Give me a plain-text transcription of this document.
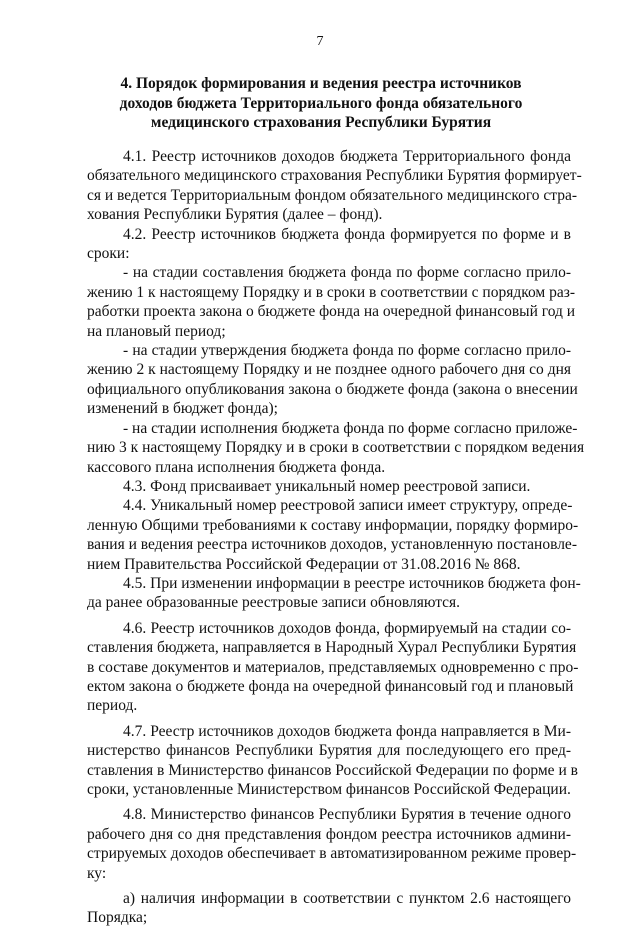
7
4. Порядок формирования и ведения реестра источников
доходов бюджета Территориального фонда обязательного
медицинского страхования Республики Бурятия

4.1. Реестр источников доходов бюджета Территориального фонда
обязательного медицинского страхования Республики Бурятия формирует-
ся и ведется Территориальным фондом обязательного медицинского стра-
хования Республики Бурятия (далее – фонд).

4.2. Реестр источников бюджета фонда формируется по форме и в
сроки:

- на стадии составления бюджета фонда по форме согласно прило-
жению 1 к настоящему Порядку и в сроки в соответствии с порядком раз-
работки проекта закона о бюджете фонда на очередной финансовый год и
на плановый период;

- на стадии утверждения бюджета фонда по форме согласно прило-
жению 2 к настоящему Порядку и не позднее одного рабочего дня со дня
официального опубликования закона о бюджете фонда (закона о внесении
изменений в бюджет фонда);

- на стадии исполнения бюджета фонда по форме согласно приложе-
нию 3 к настоящему Порядку и в сроки в соответствии с порядком ведения
кассового плана исполнения бюджета фонда.

4.3. Фонд присваивает уникальный номер реестровой записи.

4.4. Уникальный номер реестровой записи имеет структуру, опреде-
ленную Общими требованиями к составу информации, порядку формиро-
вания и ведения реестра источников доходов, установленную постановле-
нием Правительства Российской Федерации от 31.08.2016 № 868.

4.5. При изменении информации в реестре источников бюджета фон-
да ранее образованные реестровые записи обновляются.

4.6. Реестр источников доходов фонда, формируемый на стадии со-
ставления бюджета, направляется в Народный Хурал Республики Бурятия
в составе документов и материалов, представляемых одновременно с про-
ектом закона о бюджете фонда на очередной финансовый год и плановый
период.

4.7. Реестр источников доходов бюджета фонда направляется в Ми-
нистерство финансов Республики Бурятия для последующего его пред-
ставления в Министерство финансов Российской Федерации по форме и в
сроки, установленные Министерством финансов Российской Федерации.

4.8. Министерство финансов Республики Бурятия в течение одного
рабочего дня со дня представления фондом реестра источников админи-
стрируемых доходов обеспечивает в автоматизированном режиме провер-
ку:

а) наличия информации в соответствии с пунктом 2.6 настоящего
Порядка;
